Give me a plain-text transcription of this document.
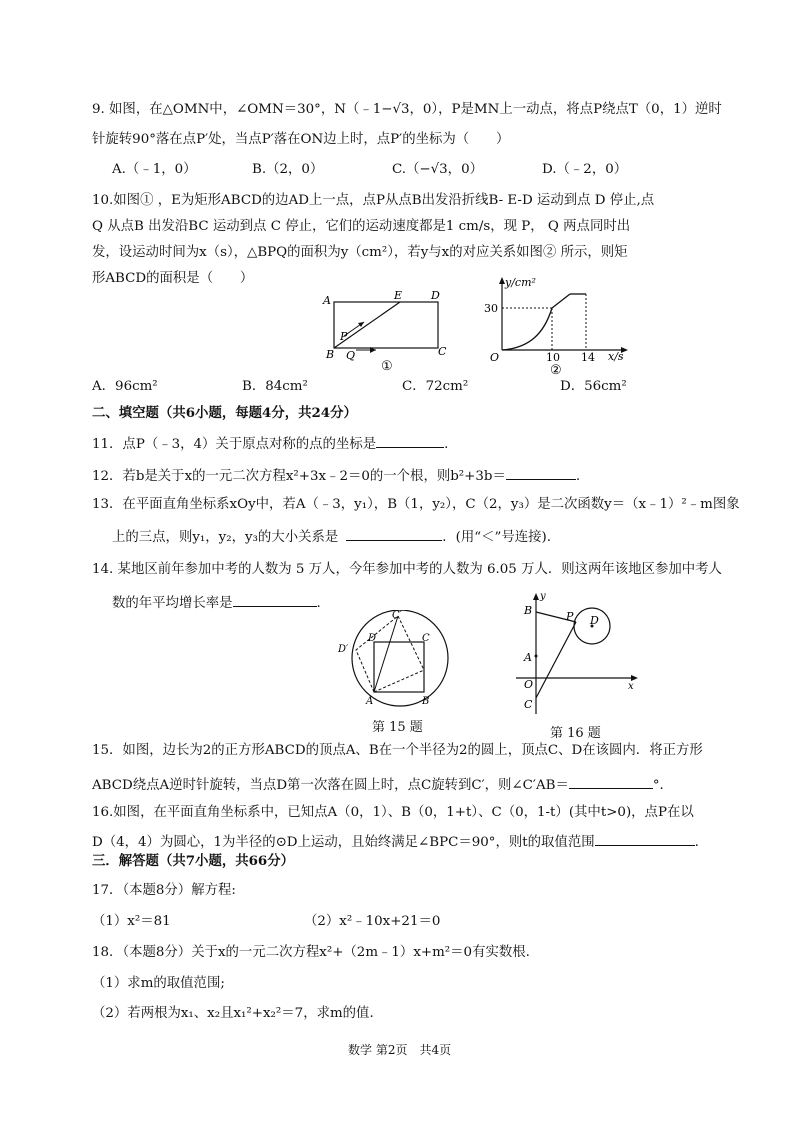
9. 如图，在△OMN中，∠OMN＝30°，N（﹣1−√3，0），P是MN上一动点，将点P绕点T（0，1）逆时
针旋转90°落在点P′处，当点P′落在ON边上时，点P′的坐标为（　　）
A.（﹣1，0）	B.（2，0）	C.（−√3，0）	D.（﹣2，0）
10.如图① ，E为矩形ABCD的边AD上一点，点P从点B出发沿折线B- E-D 运动到点 D 停止,点
Q 从点B 出发沿BC 运动到点 C 停止，它们的运动速度都是1 cm/s，现 P， Q 两点同时出
发，设运动时间为x（s），△BPQ的面积为y（cm²），若y与x的对应关系如图② 所示，则矩
形ABCD的面积是（　　）
A	E	D
P
B Q	C
①
y/cm²
x/s
30
O	10 14
②
A．96cm²	B．84cm²	C．72cm²	D．56cm²
二、填空题（共6小题，每题4分，共24分）
11．点P（﹣3，4）关于原点对称的点的坐标是	.
12．若b是关于x的一元二次方程x²+3x﹣2＝0的一个根，则b²+3b＝	.
13．在平面直角坐标系xOy中，若A（﹣3，y₁），B（1，y₂），C（2，y₃）是二次函数y＝（x﹣1）²﹣m图象
上的三点，则y₁，y₂，y₃的大小关系是	．(用“＜”号连接).
14. 某地区前年参加中考的人数为 5 万人，今年参加中考的人数为 6.05 万人．则这两年该地区参加中考人
数的年平均增长率是	.
C′
D	C
D′
A	B
第 15 题
y
B	P D
A
O	x
C
第 16 题
15．如图，边长为2的正方形ABCD的顶点A、B在一个半径为2的圆上，顶点C、D在该圆内．将正方形
ABCD绕点A逆时针旋转，当点D第一次落在圆上时，点C旋转到C′，则∠C′AB＝	°．
16.如图，在平面直角坐标系中，已知点A（0，1）、B（0，1+t）、C（0，1-t）(其中t>0)，点P在以
D（4，4）为圆心，1为半径的⊙D上运动，且始终满足∠BPC＝90°，则t的取值范围	.
三．解答题（共7小题，共66分）
17．（本题8分）解方程:
（1）x²＝81	（2）x²﹣10x+21＝0
18．（本题8分）关于x的一元二次方程x²+（2m﹣1）x+m²＝0有实数根.
（1）求m的取值范围;
（2）若两根为x₁、x₂且x₁²+x₂²＝7，求m的值.
数学 第2页　共4页
